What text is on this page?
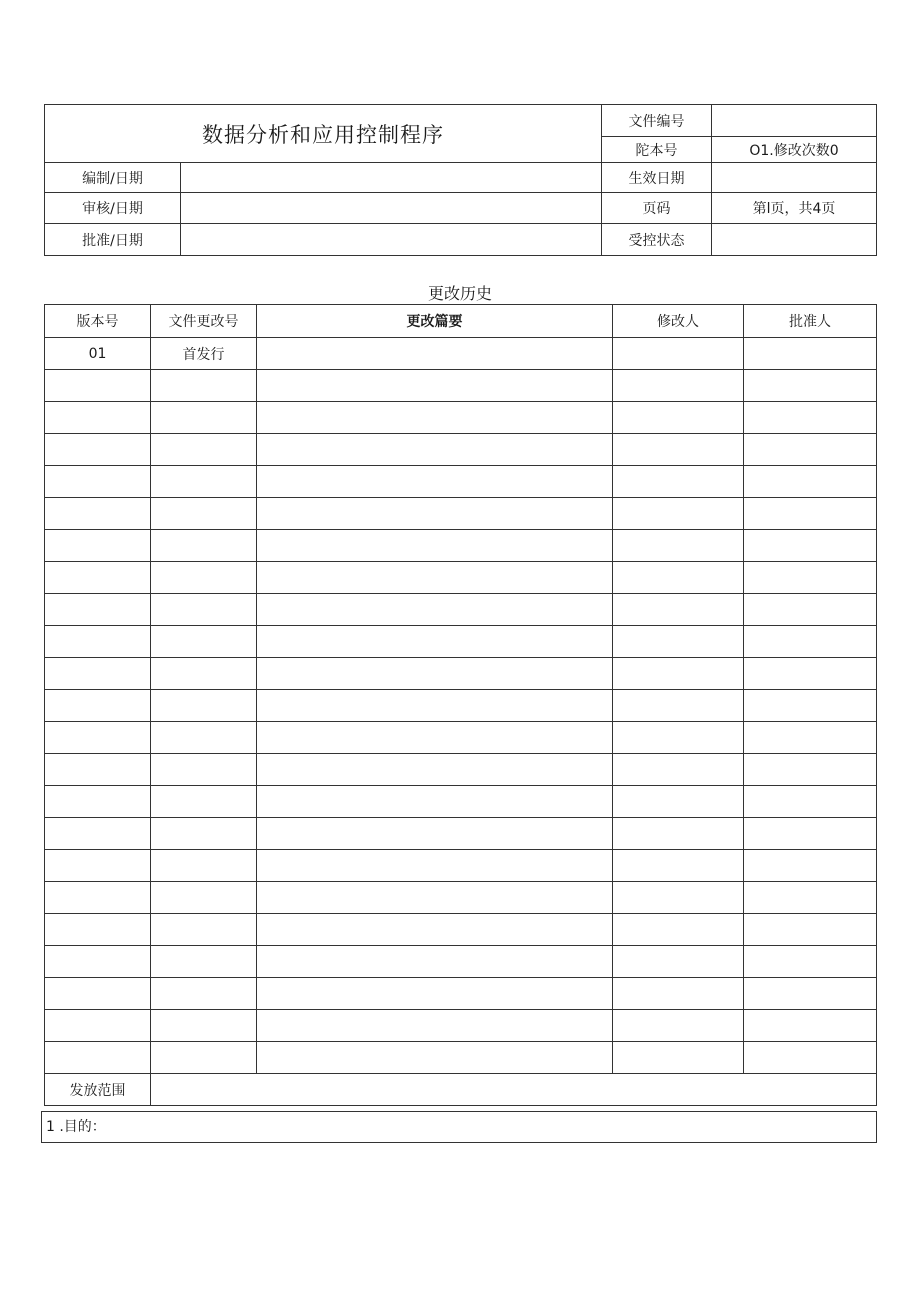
数据分析和应用控制程序		文件编号	
		陀本号	O1.修改次数0
编制/日期		生效日期	
审核/日期		页码	第l页，共4页
批准/日期		受控状态	
更改历史
版本号	文件更改号	更改篇要	修改人	批准人
01	首发行			

发放范围				
1 .目的：
